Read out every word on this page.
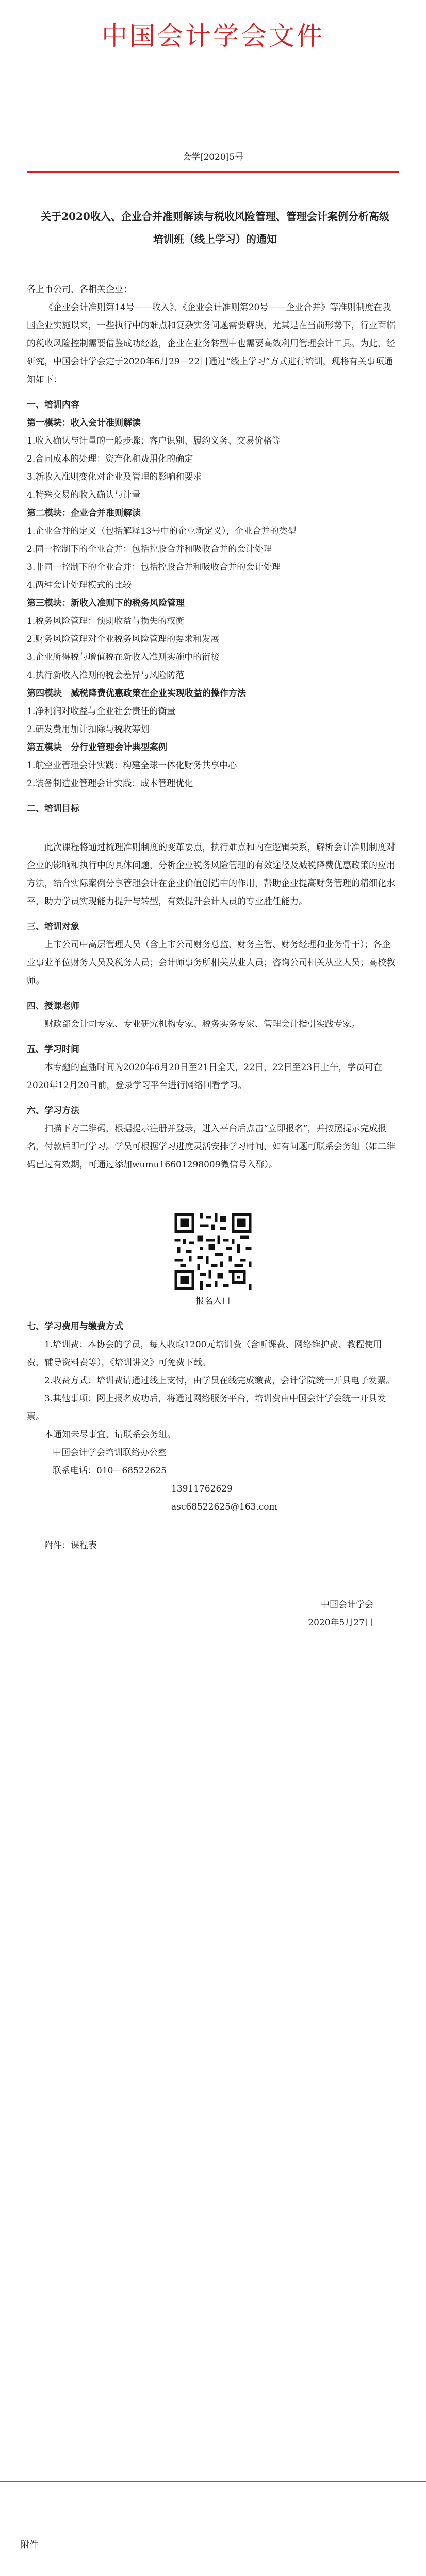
中国会计学会文件
会学[2020]5号
关于2020收入、企业合并准则解读与税收风险管理、管理会计案例分析高级培训班（线上学习）的通知

各上市公司、各相关企业：

《企业会计准则第14号——收入》、《企业会计准则第20号——企业合并》等准则制度在我国企业实施以来，一些执行中的难点和复杂实务问题需要解决，尤其是在当前形势下，行业面临的税收风险控制需要借鉴成功经验，企业在业务转型中也需要高效利用管理会计工具。为此，经研究，中国会计学会定于2020年6月29—22日通过“线上学习”方式进行培训，现将有关事项通知如下：

一、培训内容

第一模块：收入会计准则解读

1.收入确认与计量的一般步骤；客户识别、履约义务、交易价格等

2.合同成本的处理：资产化和费用化的确定

3.新收入准则变化对企业及管理的影响和要求

4.特殊交易的收入确认与计量

第二模块：企业合并准则解读

1.企业合并的定义（包括解释13号中的企业新定义），企业合并的类型

2.同一控制下的企业合并：包括控股合并和吸收合并的会计处理

3.非同一控制下的企业合并：包括控股合并和吸收合并的会计处理

4.两种会计处理模式的比较

第三模块：新收入准则下的税务风险管理

1.税务风险管理：预期收益与损失的权衡

2.财务风险管理对企业税务风险管理的要求和发展

3.企业所得税与增值税在新收入准则实施中的衔接

4.执行新收入准则的税会差异与风险防范

第四模块　减税降费优惠政策在企业实现收益的操作方法

1.净利润对收益与企业社会责任的衡量

2.研发费用加计扣除与税收筹划

第五模块　分行业管理会计典型案例

1.航空业管理会计实践：构建全球一体化财务共享中心

2.装备制造业管理会计实践：成本管理优化

二、培训目标

此次课程将通过梳理准则制度的变革要点，执行难点和内在逻辑关系，解析会计准则制度对企业的影响和执行中的具体问题，分析企业税务风险管理的有效途径及减税降费优惠政策的应用方法，结合实际案例分享管理会计在企业价值创造中的作用，帮助企业提高财务管理的精细化水平，助力学员实现能力提升与转型，有效提升会计人员的专业胜任能力。

三、培训对象

上市公司中高层管理人员（含上市公司财务总监、财务主管、财务经理和业务骨干）；各企业事业单位财务人员及税务人员；会计师事务所相关从业人员；咨询公司相关从业人员；高校教师。

四、授课老师

财政部会计司专家、专业研究机构专家、税务实务专家、管理会计指引实践专家。

五、学习时间

本专题的直播时间为2020年6月20日至21日全天，22日，22日至23日上午，学员可在2020年12月20日前，登录学习平台进行网络回看学习。

六、学习方法

扫描下方二维码，根据提示注册并登录，进入平台后点击“立即报名”，并按照提示完成报名，付款后即可学习。学员可根据学习进度灵活安排学习时间，如有问题可联系会务组（如二维码已过有效期，可通过添加wumu16601298009微信号入群）。

报名入口

七、学习费用与缴费方式

1.培训费：本协会的学员，每人收取1200元培训费（含听课费、网络维护费、教程使用费、辅导资料费等），《培训讲义》可免费下载。

2.收费方式：培训费请通过线上支付，由学员在线完成缴费，会计学院统一开具电子发票。

3.其他事项：网上报名成功后，将通过网络服务平台，培训费由中国会计学会统一开具发票。

本通知未尽事宜，请联系会务组。

中国会计学会培训联络办公室

联系电话：010—68522625

13911762629

asc68522625@163.com

附件：课程表

中国会计学会

2020年5月27日

附件
